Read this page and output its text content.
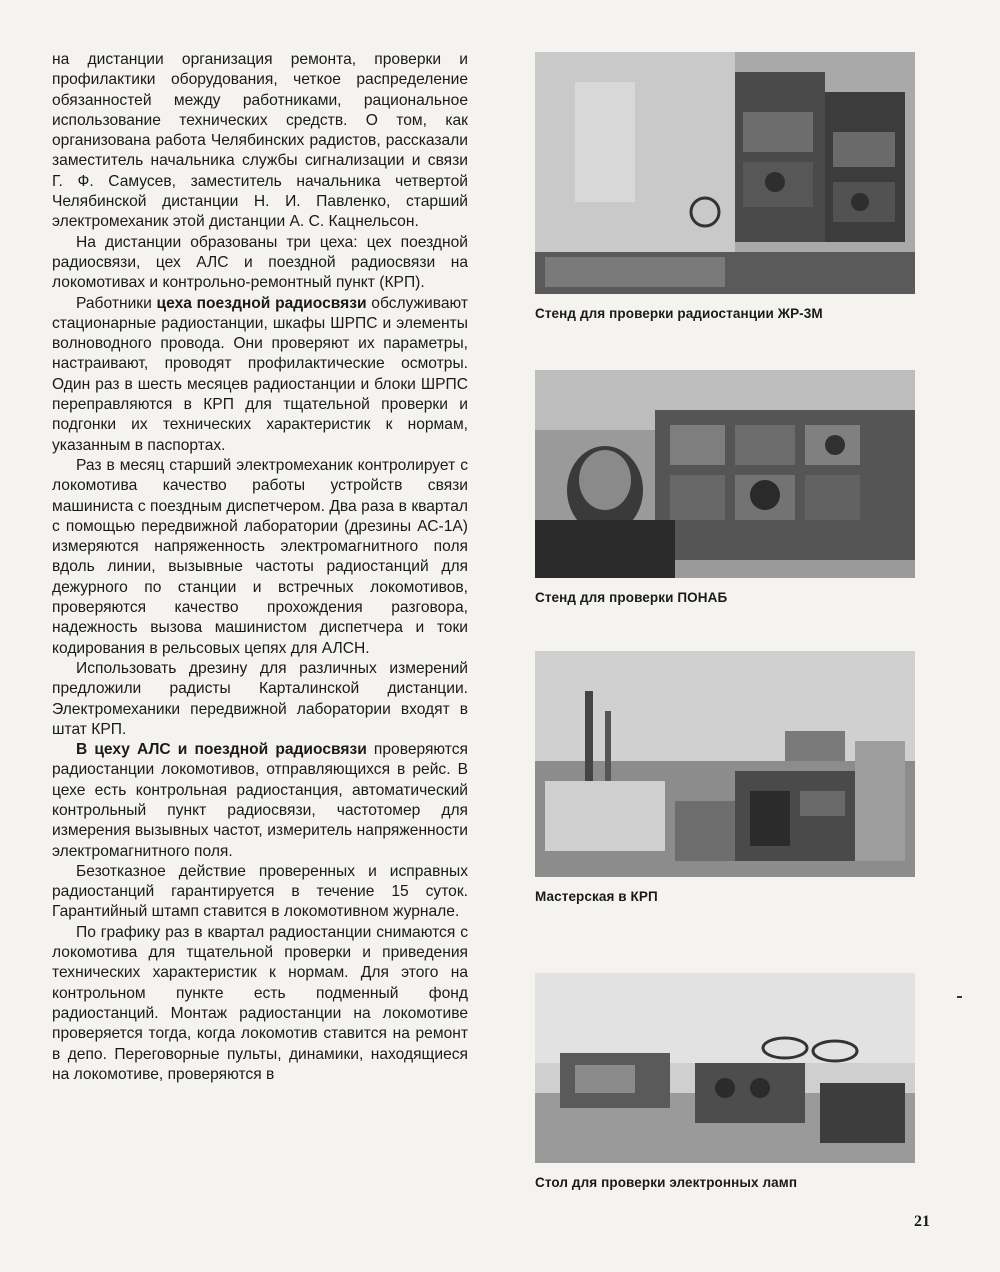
на дистанции организация ремонта, проверки и профилактики оборудования, четкое распределение обязанностей между работниками, рациональное использование технических средств. О том, как организована работа Челябинских радистов, рассказали заместитель начальника службы сигнализации и связи Г. Ф. Самусев, заместитель начальника четвертой Челябинской дистанции Н. И. Павленко, старший электромеханик этой дистанции А. С. Кацнельсон.

На дистанции образованы три цеха: цех поездной радиосвязи, цех АЛС и поездной радиосвязи на локомотивах и контрольно-ремонтный пункт (КРП).

Работники цеха поездной радиосвязи обслуживают стационарные радиостанции, шкафы ШРПС и элементы волноводного провода. Они проверяют их параметры, настраивают, проводят профилактические осмотры. Один раз в шесть месяцев радиостанции и блоки ШРПС переправляются в КРП для тщательной проверки и подгонки их технических характеристик к нормам, указанным в паспортах.

Раз в месяц старший электромеханик контролирует с локомотива качество работы устройств связи машиниста с поездным диспетчером. Два раза в квартал с помощью передвижной лаборатории (дрезины АС-1А) измеряются напряженность электромагнитного поля вдоль линии, вызывные частоты радиостанций для дежурного по станции и встречных локомотивов, проверяются качество прохождения разговора, надежность вызова машинистом диспетчера и токи кодирования в рельсовых цепях для АЛСН.

Использовать дрезину для различных измерений предложили радисты Карталинской дистанции. Электромеханики передвижной лаборатории входят в штат КРП.

В цеху АЛС и поездной радиосвязи проверяются радиостанции локомотивов, отправляющихся в рейс. В цехе есть контрольная радиостанция, автоматический контрольный пункт радиосвязи, частотомер для измерения вызывных частот, измеритель напряженности электромагнитного поля.

Безотказное действие проверенных и исправных радиостанций гарантируется в течение 15 суток. Гарантийный штамп ставится в локомотивном журнале.

По графику раз в квартал радиостанции снимаются с локомотива для тщательной проверки и приведения технических характеристик к нормам. Для этого на контрольном пункте есть подменный фонд радиостанций. Монтаж радиостанции на локомотиве проверяется тогда, когда локомотив ставится на ремонт в депо. Переговорные пульты, динамики, находящиеся на локомотиве, проверяются в

Стенд для проверки радиостанции ЖР-3М
Стенд для проверки ПОНАБ
Мастерская в КРП
Стол для проверки электронных ламп
21
